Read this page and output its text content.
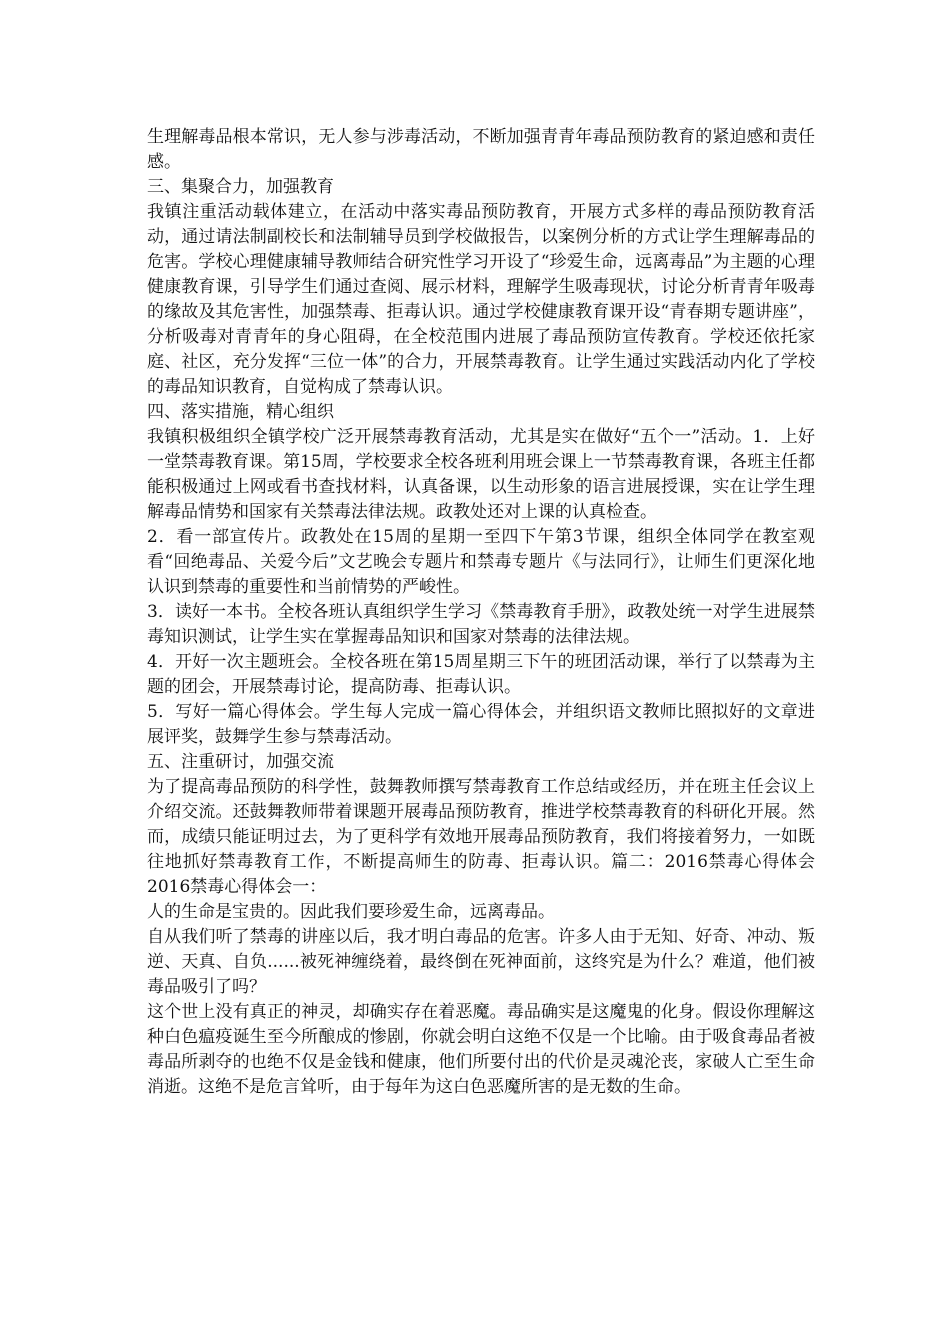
生理解毒品根本常识，无人参与涉毒活动，不断加强青青年毒品预防教育的紧迫感和责任感。

三、集聚合力，加强教育

我镇注重活动载体建立，在活动中落实毒品预防教育，开展方式多样的毒品预防教育活动，通过请法制副校长和法制辅导员到学校做报告，以案例分析的方式让学生理解毒品的危害。学校心理健康辅导教师结合研究性学习开设了“珍爱生命，远离毒品”为主题的心理健康教育课，引导学生们通过查阅、展示材料，理解学生吸毒现状，讨论分析青青年吸毒的缘故及其危害性，加强禁毒、拒毒认识。通过学校健康教育课开设“青春期专题讲座”，分析吸毒对青青年的身心阻碍，在全校范围内进展了毒品预防宣传教育。学校还依托家庭、社区，充分发挥“三位一体”的合力，开展禁毒教育。让学生通过实践活动内化了学校的毒品知识教育，自觉构成了禁毒认识。

四、落实措施，精心组织

我镇积极组织全镇学校广泛开展禁毒教育活动，尤其是实在做好“五个一”活动。1．上好一堂禁毒教育课。第15周，学校要求全校各班利用班会课上一节禁毒教育课，各班主任都能积极通过上网或看书查找材料，认真备课，以生动形象的语言进展授课，实在让学生理解毒品情势和国家有关禁毒法律法规。政教处还对上课的认真检查。

2．看一部宣传片。政教处在15周的星期一至四下午第3节课，组织全体同学在教室观看“回绝毒品、关爱今后”文艺晚会专题片和禁毒专题片《与法同行》，让师生们更深化地认识到禁毒的重要性和当前情势的严峻性。

3．读好一本书。全校各班认真组织学生学习《禁毒教育手册》，政教处统一对学生进展禁毒知识测试，让学生实在掌握毒品知识和国家对禁毒的法律法规。

4．开好一次主题班会。全校各班在第15周星期三下午的班团活动课，举行了以禁毒为主题的团会，开展禁毒讨论，提高防毒、拒毒认识。

5．写好一篇心得体会。学生每人完成一篇心得体会，并组织语文教师比照拟好的文章进展评奖，鼓舞学生参与禁毒活动。

五、注重研讨，加强交流

为了提高毒品预防的科学性，鼓舞教师撰写禁毒教育工作总结或经历，并在班主任会议上介绍交流。还鼓舞教师带着课题开展毒品预防教育，推进学校禁毒教育的科研化开展。然而，成绩只能证明过去，为了更科学有效地开展毒品预防教育，我们将接着努力，一如既往地抓好禁毒教育工作，不断提高师生的防毒、拒毒认识。篇二：2016禁毒心得体会 2016禁毒心得体会一：

人的生命是宝贵的。因此我们要珍爱生命，远离毒品。

自从我们听了禁毒的讲座以后，我才明白毒品的危害。许多人由于无知、好奇、冲动、叛逆、天真、自负......被死神缠绕着，最终倒在死神面前，这终究是为什么？难道，他们被毒品吸引了吗？

这个世上没有真正的神灵，却确实存在着恶魔。毒品确实是这魔鬼的化身。假设你理解这种白色瘟疫诞生至今所酿成的惨剧，你就会明白这绝不仅是一个比喻。由于吸食毒品者被毒品所剥夺的也绝不仅是金钱和健康，他们所要付出的代价是灵魂沦丧，家破人亡至生命消逝。这绝不是危言耸听，由于每年为这白色恶魔所害的是无数的生命。
